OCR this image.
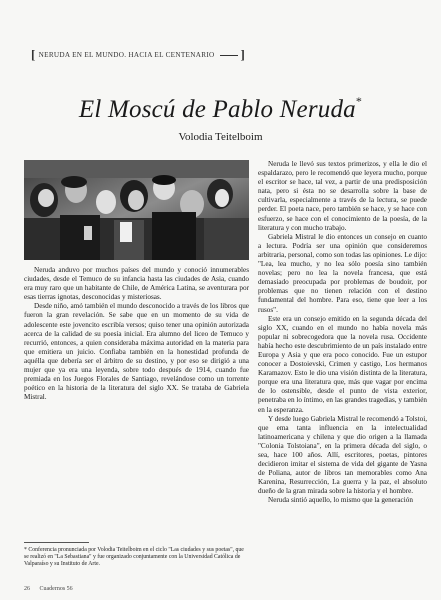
[ NERUDA EN EL MUNDO. HACIA EL CENTENARIO ]
El Moscú de Pablo Neruda*
Volodia Teitelboim

Neruda anduvo por muchos países del mundo y conoció innumerables ciudades, desde el Temuco de su infancia hasta las ciudades de Asia, cuando era muy raro que un habitante de Chile, de América Latina, se aventurara por esas tierras ignotas, desconocidas y misteriosas.

Desde niño, amó también el mundo desconocido a través de los libros que fueron la gran revelación. Se sabe que en un momento de su vida de adolescente este jovencito escribía versos; quiso tener una opinión autorizada acerca de la calidad de su poesía inicial. Era alumno del liceo de Temuco y recurrió, entonces, a quien consideraba máxima autoridad en la materia para que emitiera un juicio. Confiaba también en la honestidad profunda de aquélla que debería ser el árbitro de su destino, y por eso se dirigió a una mujer que ya era una leyenda, sobre todo después de 1914, cuando fue premiada en los Juegos Florales de Santiago, revelándose como un torrente poético en la historia de la literatura del siglo XX. Se trataba de Gabriela Mistral.

Neruda le llevó sus textos primerizos, y ella le dio el espaldarazo, pero le recomendó que leyera mucho, porque el escritor se hace, tal vez, a partir de una predisposición nata, pero si ésta no se desarrolla sobre la base de cultivarla, especialmente a través de la lectura, se puede perder. El poeta nace, pero también se hace, y se hace con esfuerzo, se hace con el conocimiento de la poesía, de la literatura y con mucho trabajo.

Gabriela Mistral le dio entonces un consejo en cuanto a lectura. Podría ser una opinión que consideremos arbitraria, personal, como son todas las opiniones. Le dijo: "Lea, lea mucho, y no lea sólo poesía sino también novelas; pero no lea la novela francesa, que está demasiado preocupada por problemas de boudoir, por problemas que no tienen relación con el destino fundamental del hombre. Para eso, tiene que leer a los rusos".

Este era un consejo emitido en la segunda década del siglo XX, cuando en el mundo no había novela más popular ni sobrecogedora que la novela rusa. Occidente había hecho este descubrimiento de un país instalado entre Europa y Asia y que era poco conocido. Fue un estupor conocer a Dostoievski, Crimen y castigo, Los hermanos Karamazov. Esto le dio una visión distinta de la literatura, porque era una literatura que, más que vagar por encima de lo ostensible, desde el punto de vista exterior, penetraba en lo íntimo, en las grandes tragedias, y también en la esperanza.

Y desde luego Gabriela Mistral le recomendó a Tolstoi, que ema tanta influencia en la intelectualidad latinoamericana y chilena y que dio origen a la llamada "Colonia Tolstoiana", en la primera década del siglo, o sea, hace 100 años. Allí, escritores, poetas, pintores decidieron imitar el sistema de vida del gigante de Yasna de Poliana, autor de libros tan memorables como Ana Karenina, Resurrección, La guerra y la paz, el absoluto dueño de la gran mirada sobre la historia y el hombre.

Neruda sintió aquello, lo mismo que la generación

* Conferencia pronunciada por Volodia Teitelboim en el ciclo "Las ciudades y sus poetas", que se realizó en "La Sebastiana" y fue organizado conjuntamente con la Universidad Católica de Valparaíso y su Instituto de Arte.
26 Cuadernos 56
